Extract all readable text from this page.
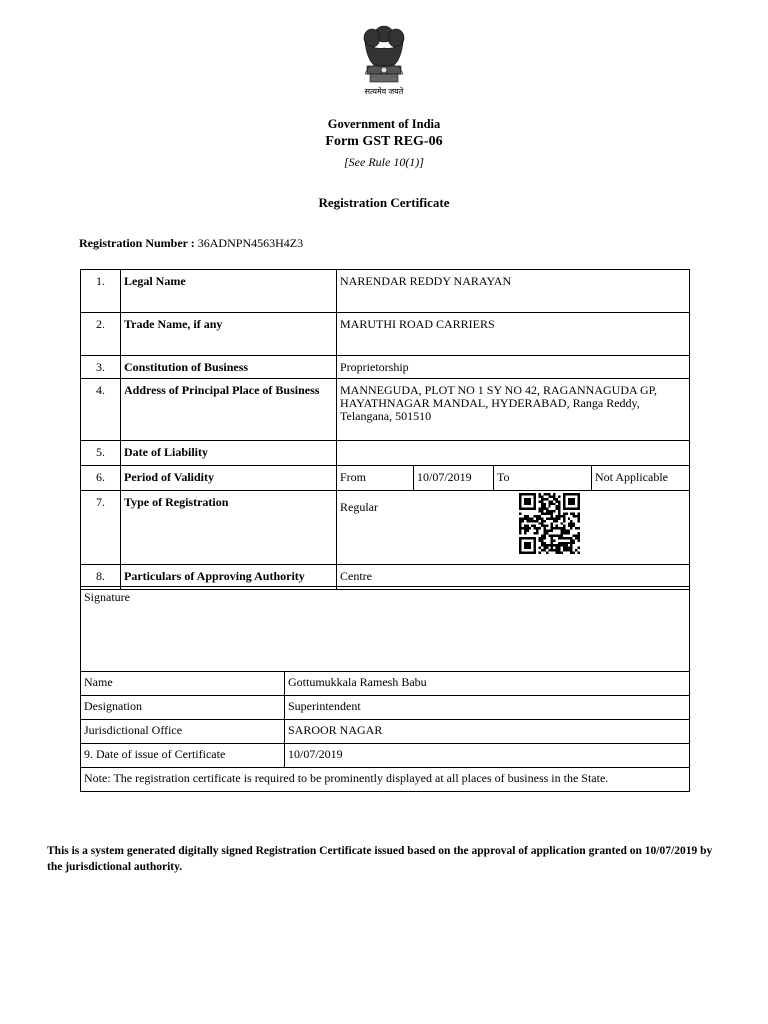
सत्यमेव जयते
Government of India
Form GST REG-06
[See Rule 10(1)]
Registration Certificate
Registration Number : 36ADNPN4563H4Z3
1.	Legal Name	NARENDAR REDDY NARAYAN			
2.	Trade Name, if any	MARUTHI ROAD CARRIERS			
3.	Constitution of Business	Proprietorship			
4.	Address of Principal Place of Business	MANNEGUDA, PLOT NO 1 SY NO 42, RAGANNAGUDA GP, HAYATHNAGAR MANDAL, HYDERABAD, Ranga Reddy, Telangana, 501510			
5.	Date of Liability				
6.	Period of Validity	From	10/07/2019	To	Not Applicable
7.	Type of Registration	Regular			
8.	Particulars of Approving Authority	Centre			
Signature	
Name	Gottumukkala Ramesh Babu
Designation	Superintendent
Jurisdictional Office	SAROOR NAGAR
9. Date of issue of Certificate	10/07/2019
Note: The registration certificate is required to be prominently displayed at all places of business in the State.	
This is a system generated digitally signed Registration Certificate issued based on the approval of application granted on 10/07/2019 by the jurisdictional authority.
